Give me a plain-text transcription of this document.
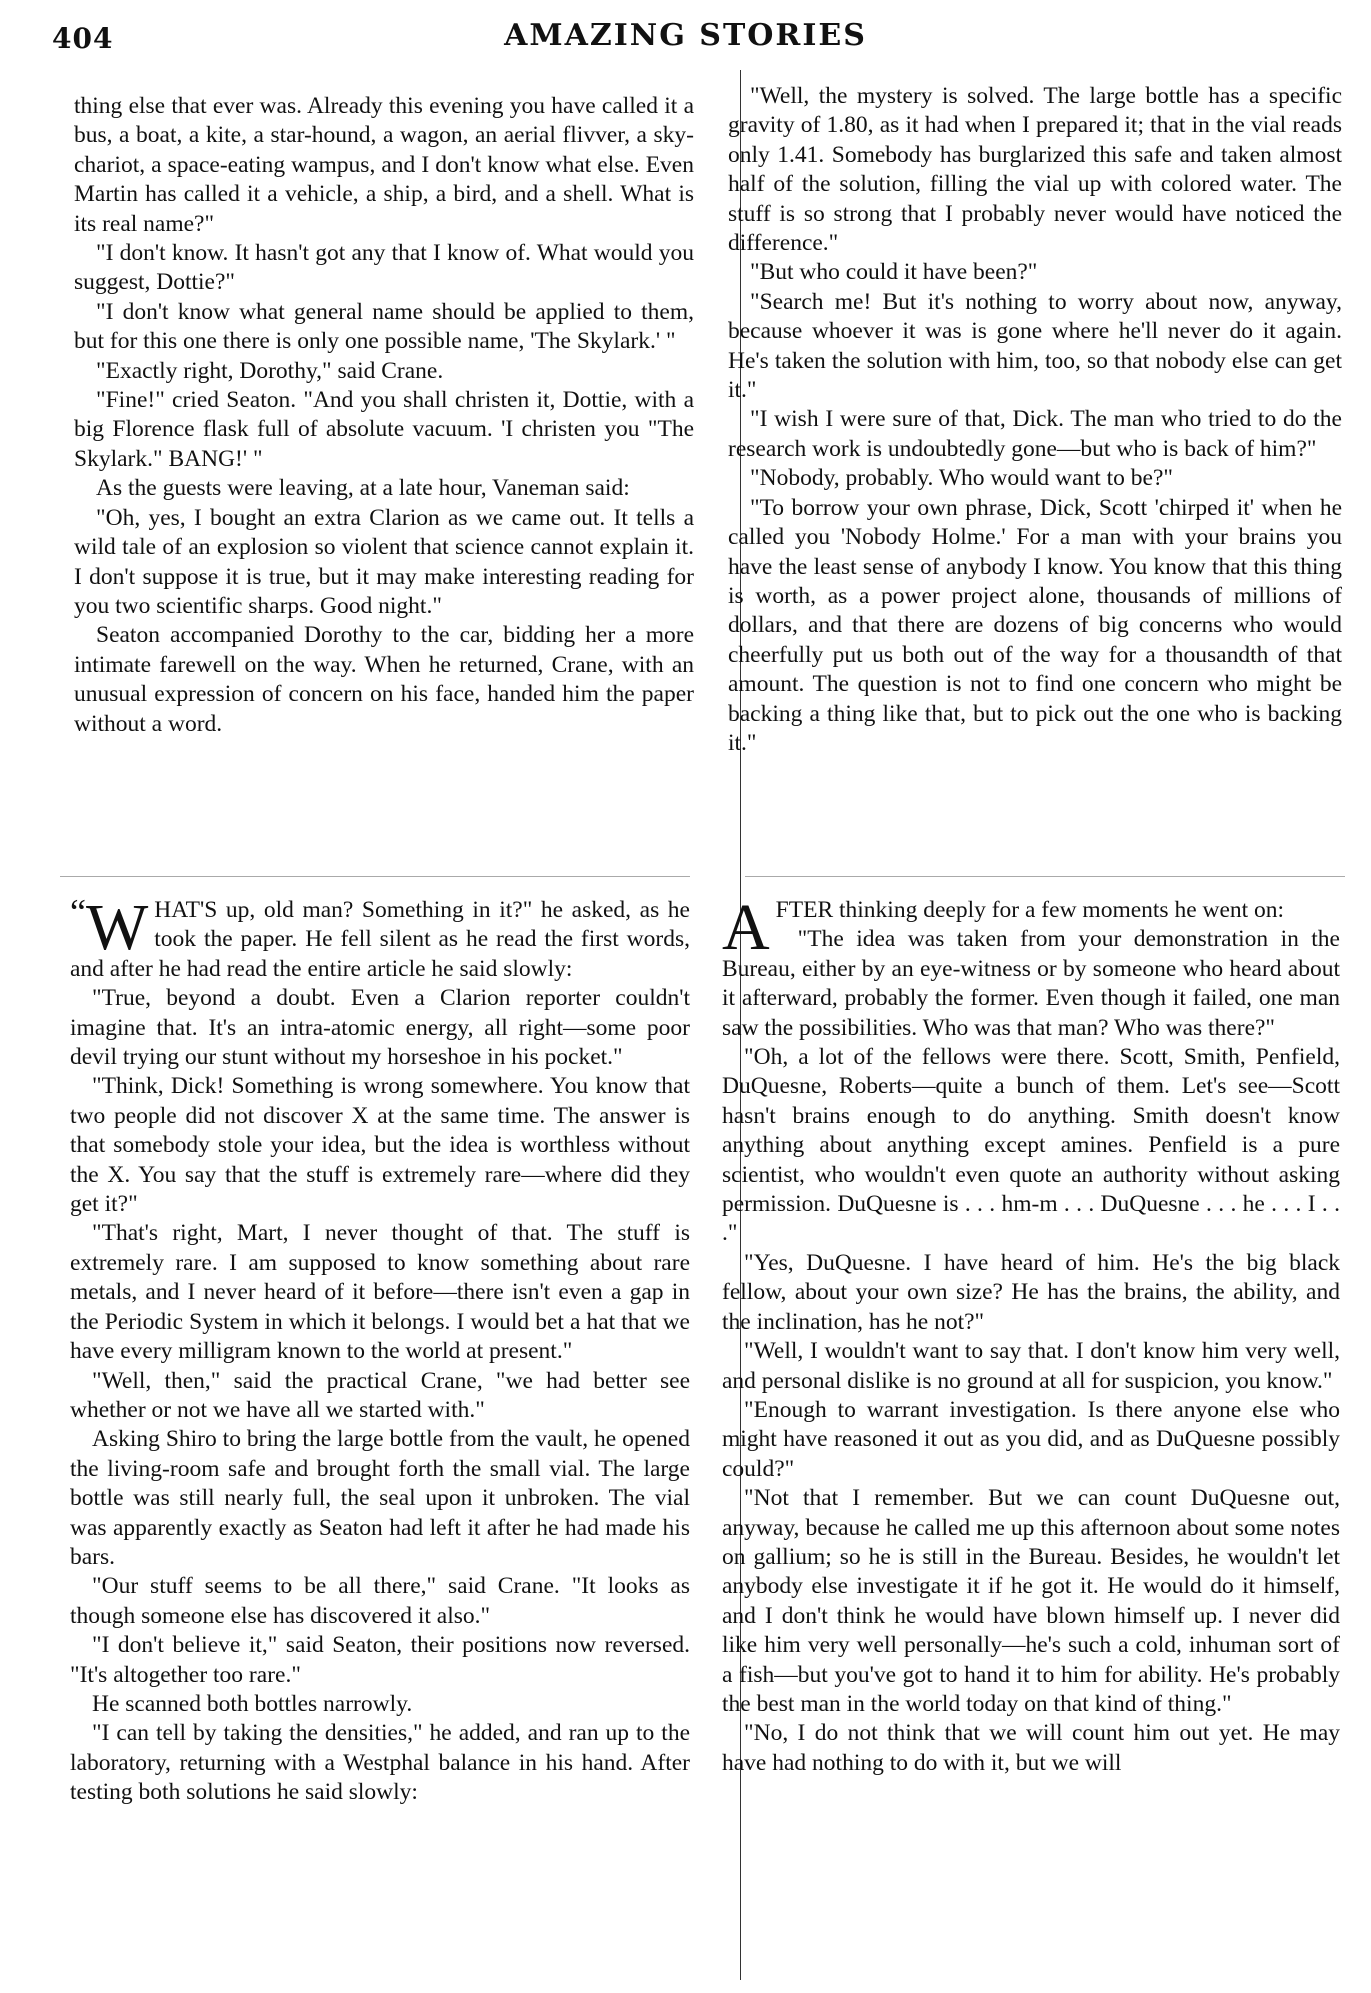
404	AMAZING STORIES

thing else that ever was. Already this evening you have called it a bus, a boat, a kite, a star-hound, a wagon, an aerial flivver, a sky-chariot, a space-eating wampus, and I don't know what else. Even Martin has called it a vehicle, a ship, a bird, and a shell. What is its real name?"

"I don't know. It hasn't got any that I know of. What would you suggest, Dottie?"

"I don't know what general name should be applied to them, but for this one there is only one possible name, 'The Skylark.' "

"Exactly right, Dorothy," said Crane.

"Fine!" cried Seaton. "And you shall christen it, Dottie, with a big Florence flask full of absolute vacuum. 'I christen you "The Skylark." BANG!' "

As the guests were leaving, at a late hour, Vaneman said:

"Oh, yes, I bought an extra Clarion as we came out. It tells a wild tale of an explosion so violent that science cannot explain it. I don't suppose it is true, but it may make interesting reading for you two scientific sharps. Good night."

Seaton accompanied Dorothy to the car, bidding her a more intimate farewell on the way. When he returned, Crane, with an unusual expression of concern on his face, handed him the paper without a word.

“W HAT'S up, old man? Something in it?" he asked, as he took the paper. He fell silent as he read the first words, and after he had read the entire article he said slowly:

"True, beyond a doubt. Even a Clarion reporter couldn't imagine that. It's an intra-atomic energy, all right—some poor devil trying our stunt without my horseshoe in his pocket."

"Think, Dick! Something is wrong somewhere. You know that two people did not discover X at the same time. The answer is that somebody stole your idea, but the idea is worthless without the X. You say that the stuff is extremely rare—where did they get it?"

"That's right, Mart, I never thought of that. The stuff is extremely rare. I am supposed to know something about rare metals, and I never heard of it before—there isn't even a gap in the Periodic System in which it belongs. I would bet a hat that we have every milligram known to the world at present."

"Well, then," said the practical Crane, "we had better see whether or not we have all we started with."

Asking Shiro to bring the large bottle from the vault, he opened the living-room safe and brought forth the small vial. The large bottle was still nearly full, the seal upon it unbroken. The vial was apparently exactly as Seaton had left it after he had made his bars.

"Our stuff seems to be all there," said Crane. "It looks as though someone else has discovered it also."

"I don't believe it," said Seaton, their positions now reversed. "It's altogether too rare."

He scanned both bottles narrowly.

"I can tell by taking the densities," he added, and ran up to the laboratory, returning with a Westphal balance in his hand. After testing both solutions he said slowly:

"Well, the mystery is solved. The large bottle has a specific gravity of 1.80, as it had when I prepared it; that in the vial reads only 1.41. Somebody has burglarized this safe and taken almost half of the solution, filling the vial up with colored water. The stuff is so strong that I probably never would have noticed the difference."

"But who could it have been?"

"Search me! But it's nothing to worry about now, anyway, because whoever it was is gone where he'll never do it again. He's taken the solution with him, too, so that nobody else can get it."

"I wish I were sure of that, Dick. The man who tried to do the research work is undoubtedly gone—but who is back of him?"

"Nobody, probably. Who would want to be?"

"To borrow your own phrase, Dick, Scott 'chirped it' when he called you 'Nobody Holme.' For a man with your brains you have the least sense of anybody I know. You know that this thing is worth, as a power project alone, thousands of millions of dollars, and that there are dozens of big concerns who would cheerfully put us both out of the way for a thousandth of that amount. The question is not to find one concern who might be backing a thing like that, but to pick out the one who is backing it."

AFTER thinking deeply for a few moments he went on:

"The idea was taken from your demonstration in the Bureau, either by an eye-witness or by someone who heard about it afterward, probably the former. Even though it failed, one man saw the possibilities. Who was that man? Who was there?"

"Oh, a lot of the fellows were there. Scott, Smith, Penfield, DuQuesne, Roberts—quite a bunch of them. Let's see—Scott hasn't brains enough to do anything. Smith doesn't know anything about anything except amines. Penfield is a pure scientist, who wouldn't even quote an authority without asking permission. DuQuesne is . . . hm-m . . . DuQuesne . . . he . . . I . . ."

"Yes, DuQuesne. I have heard of him. He's the big black fellow, about your own size? He has the brains, the ability, and the inclination, has he not?"

"Well, I wouldn't want to say that. I don't know him very well, and personal dislike is no ground at all for suspicion, you know."

"Enough to warrant investigation. Is there anyone else who might have reasoned it out as you did, and as DuQuesne possibly could?"

"Not that I remember. But we can count DuQuesne out, anyway, because he called me up this afternoon about some notes on gallium; so he is still in the Bureau. Besides, he wouldn't let anybody else investigate it if he got it. He would do it himself, and I don't think he would have blown himself up. I never did like him very well personally—he's such a cold, inhuman sort of a fish—but you've got to hand it to him for ability. He's probably the best man in the world today on that kind of thing."

"No, I do not think that we will count him out yet. He may have had nothing to do with it, but we will
